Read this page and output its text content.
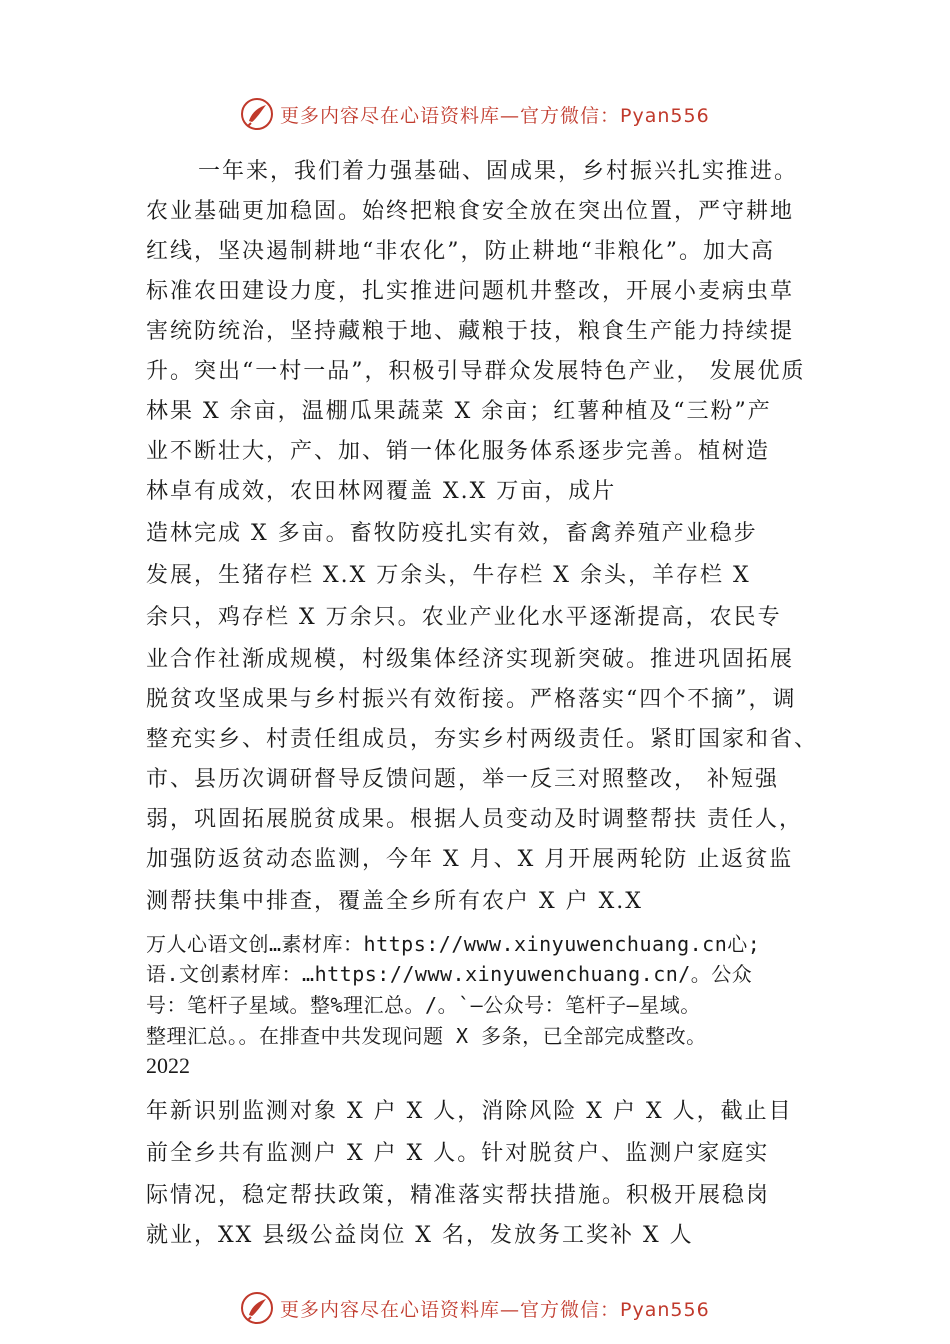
更多内容尽在心语资料库—官方微信：Pyan556
一年来，我们着力强基础、固成果，乡村振兴扎实推进。
农业基础更加稳固。始终把粮食安全放在突出位置，严守耕地
红线，坚决遏制耕地“非农化”，防止耕地“非粮化”。加大高
标准农田建设力度，扎实推进问题机井整改，开展小麦病虫草
害统防统治，坚持藏粮于地、藏粮于技，粮食生产能力持续提
升。突出“一村一品”，积极引导群众发展特色产业， 发展优质
林果 X 余亩，温棚瓜果蔬菜 X 余亩；红薯种植及“三粉”产
业不断壮大，产、加、销一体化服务体系逐步完善。植树造
林卓有成效，农田林网覆盖 X.X 万亩，成片
造林完成 X 多亩。畜牧防疫扎实有效，畜禽养殖产业稳步
发展，生猪存栏 X.X 万余头，牛存栏 X 余头，羊存栏 X
余只，鸡存栏 X 万余只。农业产业化水平逐渐提高，农民专
业合作社渐成规模，村级集体经济实现新突破。推进巩固拓展
脱贫攻坚成果与乡村振兴有效衔接。严格落实“四个不摘”，调
整充实乡、村责任组成员，夯实乡村两级责任。紧盯国家和省、
市、县历次调研督导反馈问题，举一反三对照整改， 补短强
弱，巩固拓展脱贫成果。根据人员变动及时调整帮扶 责任人，
加强防返贫动态监测，今年 X 月、X 月开展两轮防 止返贫监
测帮扶集中排查，覆盖全乡所有农户 X 户 X.X
万人心语文创…素材库：https://www.xinyuwenchuang.cn心;
语.文创素材库：…https://www.xinyuwenchuang.cn/。公众
号：笔杆子星域。整%理汇总。/。`—公众号：笔杆子—星域。
整理汇总。。在排查中共发现问题 X 多条，已全部完成整改。
2022
年新识别监测对象 X 户 X 人，消除风险 X 户 X 人，截止目
前全乡共有监测户 X 户 X 人。针对脱贫户、监测户家庭实
际情况，稳定帮扶政策，精准落实帮扶措施。积极开展稳岗
就业，XX 县级公益岗位 X 名，发放务工奖补 X 人
更多内容尽在心语资料库—官方微信：Pyan556
